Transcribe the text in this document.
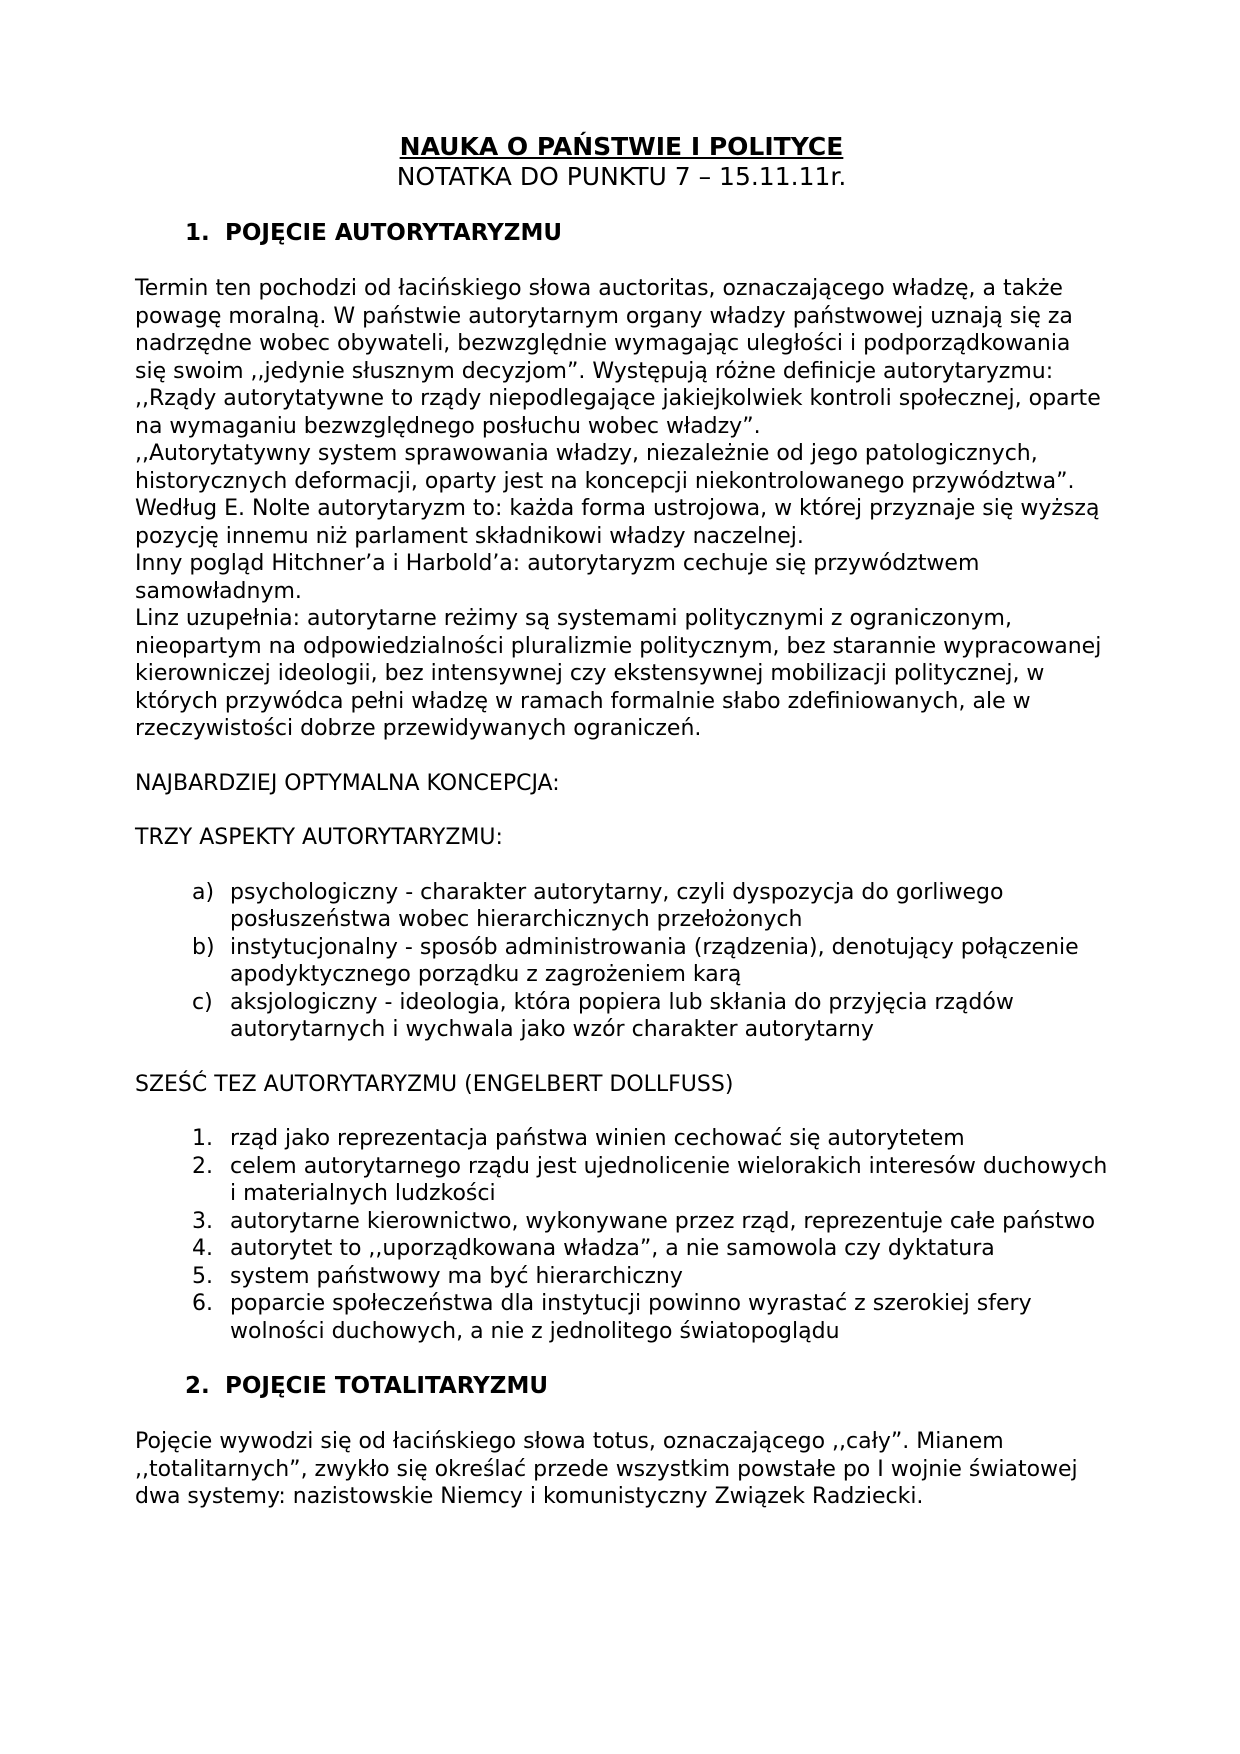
NAUKA O PAŃSTWIE I POLITYCE
NOTATKA DO PUNKTU 7 – 15.11.11r.
1. POJĘCIE AUTORYTARYZMU

Termin ten pochodzi od łacińskiego słowa auctoritas, oznaczającego władzę, a także powagę moralną. W państwie autorytarnym organy władzy państwowej uznają się za nadrzędne wobec obywateli, bezwzględnie wymagając uległości i podporządkowania się swoim ,,jedynie słusznym decyzjom”. Występują różne definicje autorytaryzmu:

,,Rządy autorytatywne to rządy niepodlegające jakiejkolwiek kontroli społecznej, oparte na wymaganiu bezwzględnego posłuchu wobec władzy”.

,,Autorytatywny system sprawowania władzy, niezależnie od jego patologicznych, historycznych deformacji, oparty jest na koncepcji niekontrolowanego przywództwa”.

Według E. Nolte autorytaryzm to: każda forma ustrojowa, w której przyznaje się wyższą pozycję innemu niż parlament składnikowi władzy naczelnej.

Inny pogląd Hitchner’a i Harbold’a: autorytaryzm cechuje się przywództwem samowładnym.

Linz uzupełnia: autorytarne reżimy są systemami politycznymi z ograniczonym, nieopartym na odpowiedzialności pluralizmie politycznym, bez starannie wypracowanej kierowniczej ideologii, bez intensywnej czy ekstensywnej mobilizacji politycznej, w których przywódca pełni władzę w ramach formalnie słabo zdefiniowanych, ale w rzeczywistości dobrze przewidywanych ograniczeń.

NAJBARDZIEJ OPTYMALNA KONCEPCJA:

TRZY ASPEKTY AUTORYTARYZMU:

a) psychologiczny - charakter autorytarny, czyli dyspozycja do gorliwego posłuszeństwa wobec hierarchicznych przełożonych
b) instytucjonalny - sposób administrowania (rządzenia), denotujący połączenie apodyktycznego porządku z zagrożeniem karą
c) aksjologiczny - ideologia, która popiera lub skłania do przyjęcia rządów autorytarnych i wychwala jako wzór charakter autorytarny

SZEŚĆ TEZ AUTORYTARYZMU (ENGELBERT DOLLFUSS)

1. rząd jako reprezentacja państwa winien cechować się autorytetem
2. celem autorytarnego rządu jest ujednolicenie wielorakich interesów duchowych i materialnych ludzkości
3. autorytarne kierownictwo, wykonywane przez rząd, reprezentuje całe państwo
4. autorytet to ,,uporządkowana władza”, a nie samowola czy dyktatura
5. system państwowy ma być hierarchiczny
6. poparcie społeczeństwa dla instytucji powinno wyrastać z szerokiej sfery wolności duchowych, a nie z jednolitego światopoglądu
2. POJĘCIE TOTALITARYZMU

Pojęcie wywodzi się od łacińskiego słowa totus, oznaczającego ,,cały”. Mianem ,,totalitarnych”, zwykło się określać przede wszystkim powstałe po I wojnie światowej dwa systemy: nazistowskie Niemcy i komunistyczny Związek Radziecki.
